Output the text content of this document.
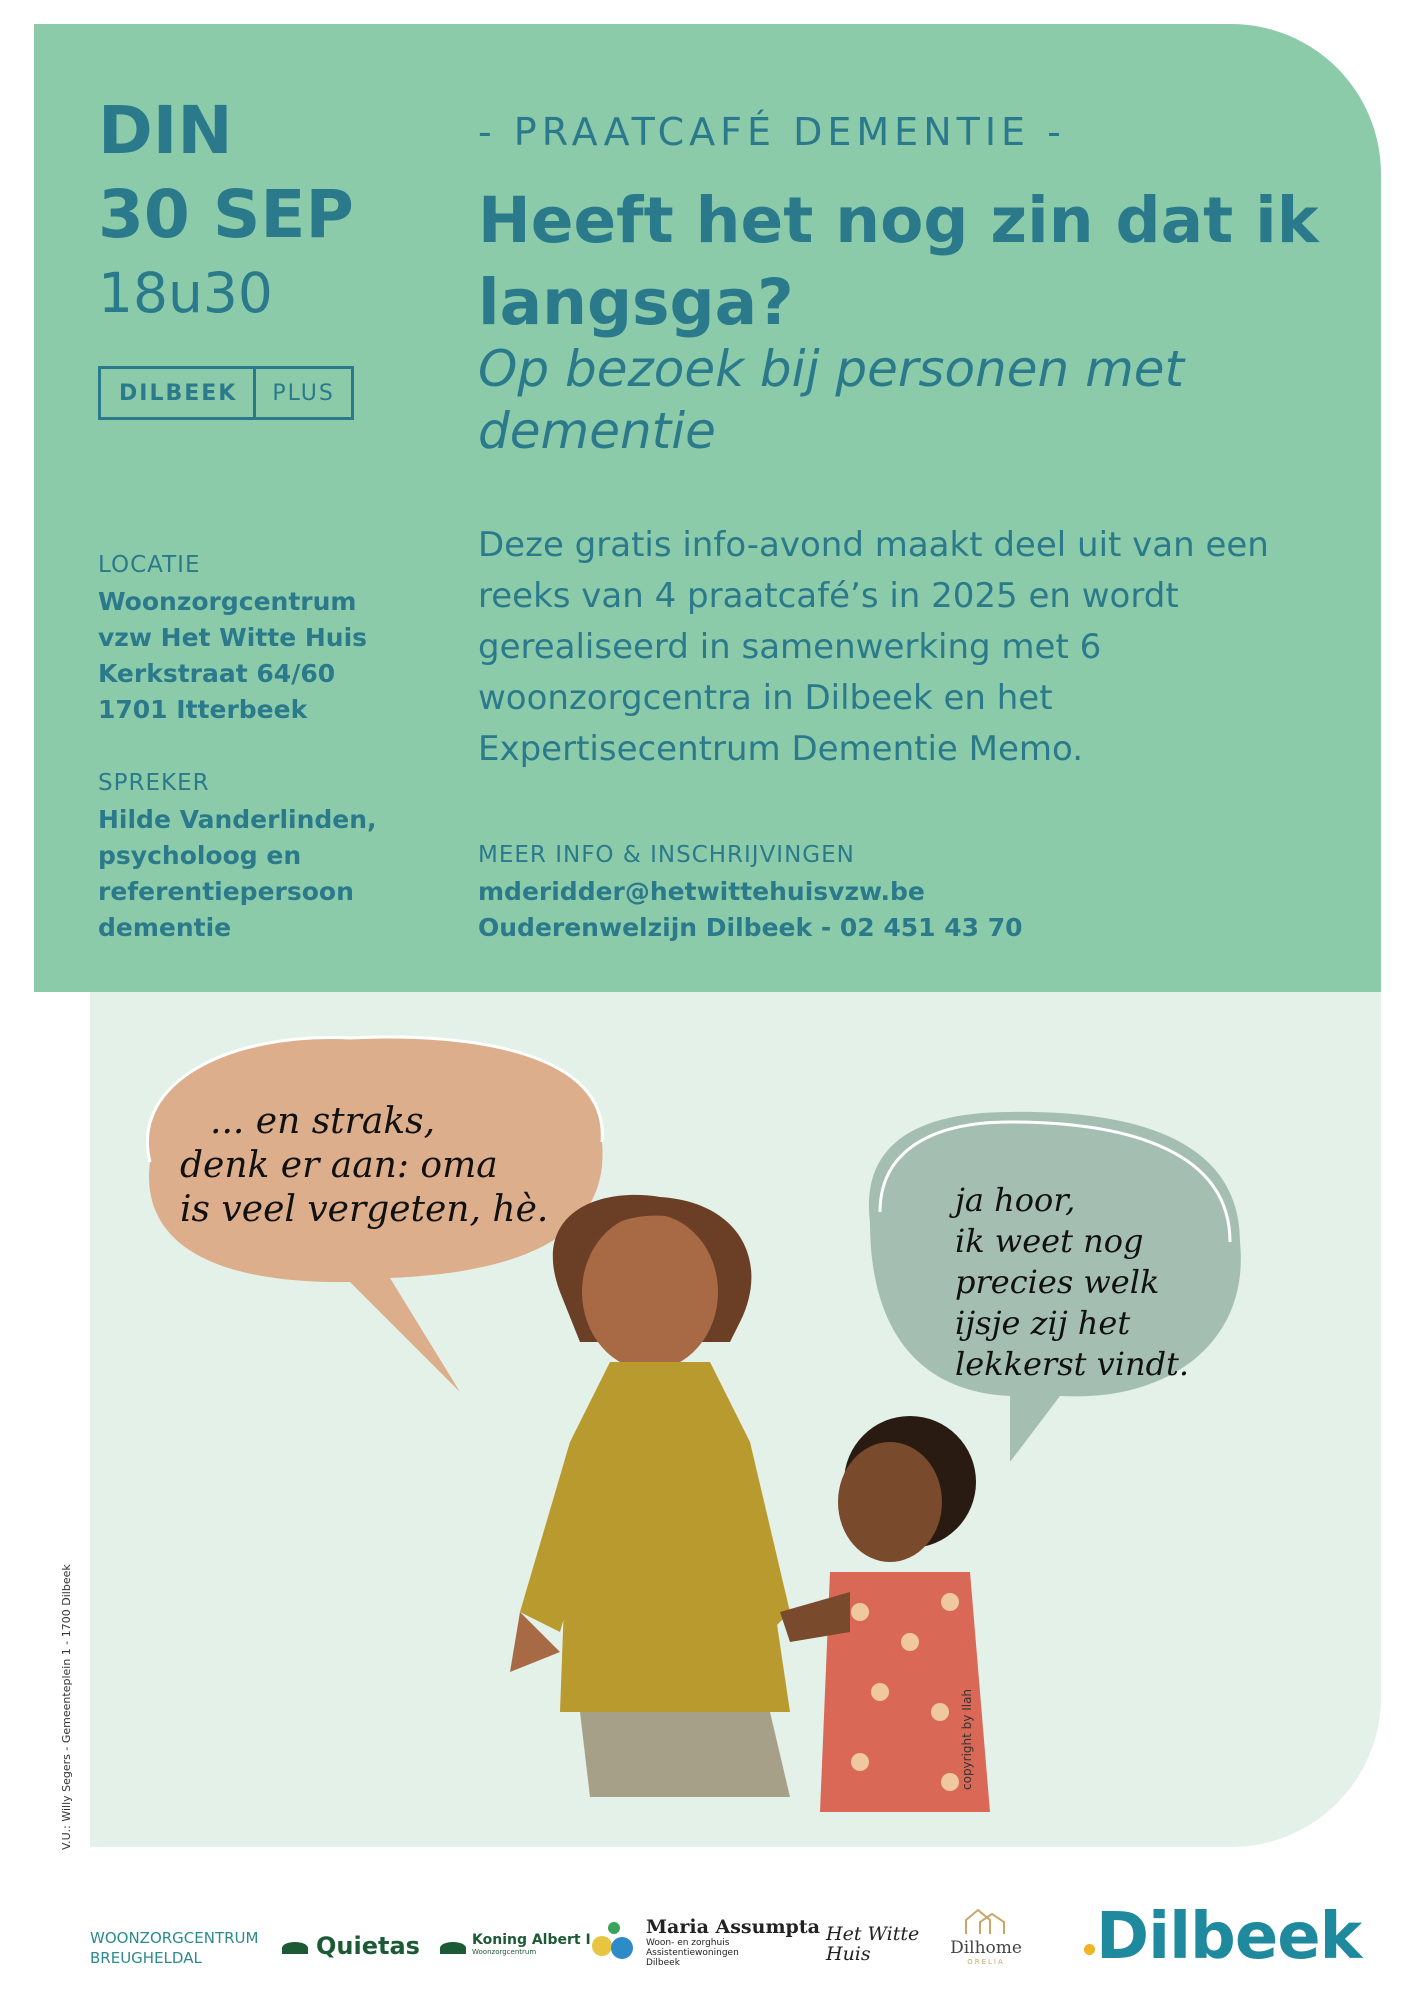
DIN
30 SEP
18u30
DILBEEK	PLUS
- PRAATCAFÉ DEMENTIE -
Heeft het nog zin dat ik langsga?
Op bezoek bij personen met dementie
LOCATIE
Woonzorgcentrum
vzw Het Witte Huis
Kerkstraat 64/60
1701 Itterbeek
SPREKER
Hilde Vanderlinden,
psycholoog en
referentiepersoon
dementie
Deze gratis info-avond maakt deel uit van een reeks van 4 praatcafé’s in 2025 en wordt gerealiseerd in samenwerking met 6 woonzorgcentra in Dilbeek en het Expertisecentrum Dementie Memo.
MEER INFO & INSCHRIJVINGEN
mderidder@hetwittehuisvzw.be
Ouderenwelzijn Dilbeek - 02 451 43 70
... en straks,
denk er aan: oma
is veel vergeten, hè.	ja hoor,
ik weet nog
precies welk
ijsje zij het
lekkerst vindt.
copyright by Ilah
V.U.: Willy Segers - Gemeenteplein 1 - 1700 Dilbeek
WOONZORGCENTRUM
BREUGHELDAL	Quietas	Koning Albert I
Woonzorgcentrum
Maria Assumpta
Woon- en zorghuis
Assistentiewoningen
Dilbeek
Het Witte Huis	Dilhome
ORELIA	Dilbeek
